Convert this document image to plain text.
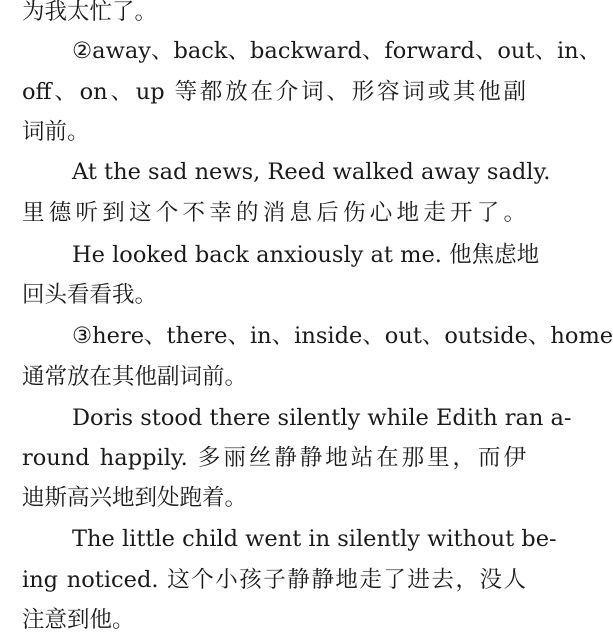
为我太忙了。
②away、back、backward、forward、out、in、
off、on、up 等都放在介词、形容词或其他副
词前。
At the sad news, Reed walked away sadly.
里德听到这个不幸的消息后伤心地走开了。
He looked back anxiously at me. 他焦虑地
回头看看我。
③here、there、in、inside、out、outside、home
通常放在其他副词前。
Doris stood there silently while Edith ran a-
round happily. 多丽丝静静地站在那里，而伊
迪斯高兴地到处跑着。
The little child went in silently without be-
ing noticed. 这个小孩子静静地走了进去，没人
注意到他。
